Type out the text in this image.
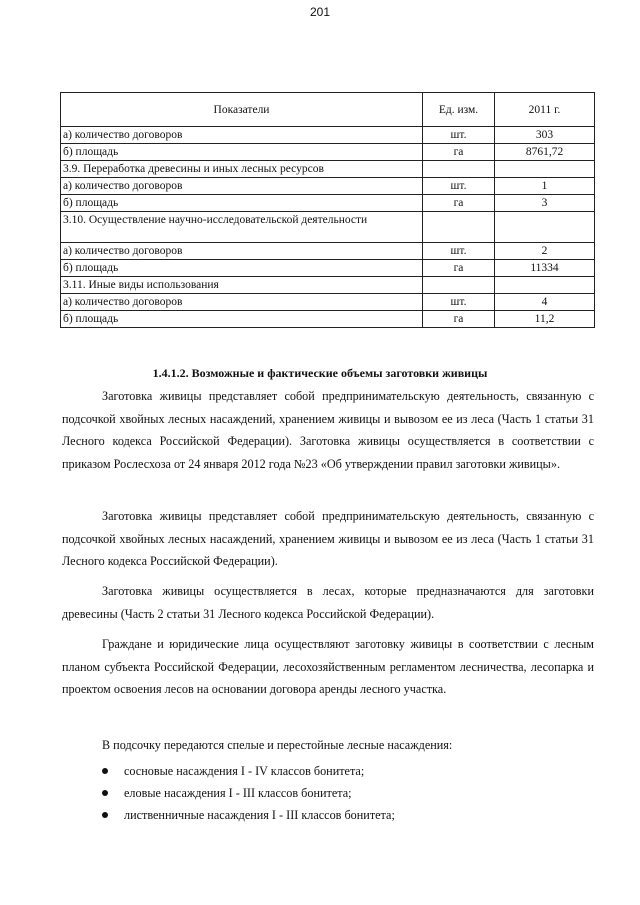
201
Показатели	Ед. изм.	2011 г.
а) количество договоров	шт.	303
б) площадь	га	8761,72
3.9. Переработка древесины и иных лесных ресурсов		
а) количество договоров	шт.	1
б) площадь	га	3
3.10. Осуществление научно-исследовательской деятельности		
а) количество договоров	шт.	2
б) площадь	га	11334
3.11. Иные виды использования		
а) количество договоров	шт.	4
б) площадь	га	11,2
1.4.1.2. Возможные и фактические объемы заготовки живицы

Заготовка живицы представляет собой предпринимательскую деятельность, связанную с подсочкой хвойных лесных насаждений, хранением живицы и вывозом ее из леса (Часть 1 статьи 31 Лесного кодекса Российской Федерации). Заготовка живицы осуществляется в соответствии с приказом Рослесхоза от 24 января 2012 года №23 «Об утверждении правил заготовки живицы».

Заготовка живицы представляет собой предпринимательскую деятельность, связанную с подсочкой хвойных лесных насаждений, хранением живицы и вывозом ее из леса (Часть 1 статьи 31 Лесного кодекса Российской Федерации).

Заготовка живицы осуществляется в лесах, которые предназначаются для заготовки древесины (Часть 2 статьи 31 Лесного кодекса Российской Федерации).

Граждане и юридические лица осуществляют заготовку живицы в соответствии с лесным планом субъекта Российской Федерации, лесохозяйственным регламентом лесничества, лесопарка и проектом освоения лесов на основании договора аренды лесного участка.

В подсочку передаются спелые и перестойные лесные насаждения:

сосновые насаждения I - IV классов бонитета;
еловые насаждения I - III классов бонитета;
лиственничные насаждения I - III классов бонитета;
